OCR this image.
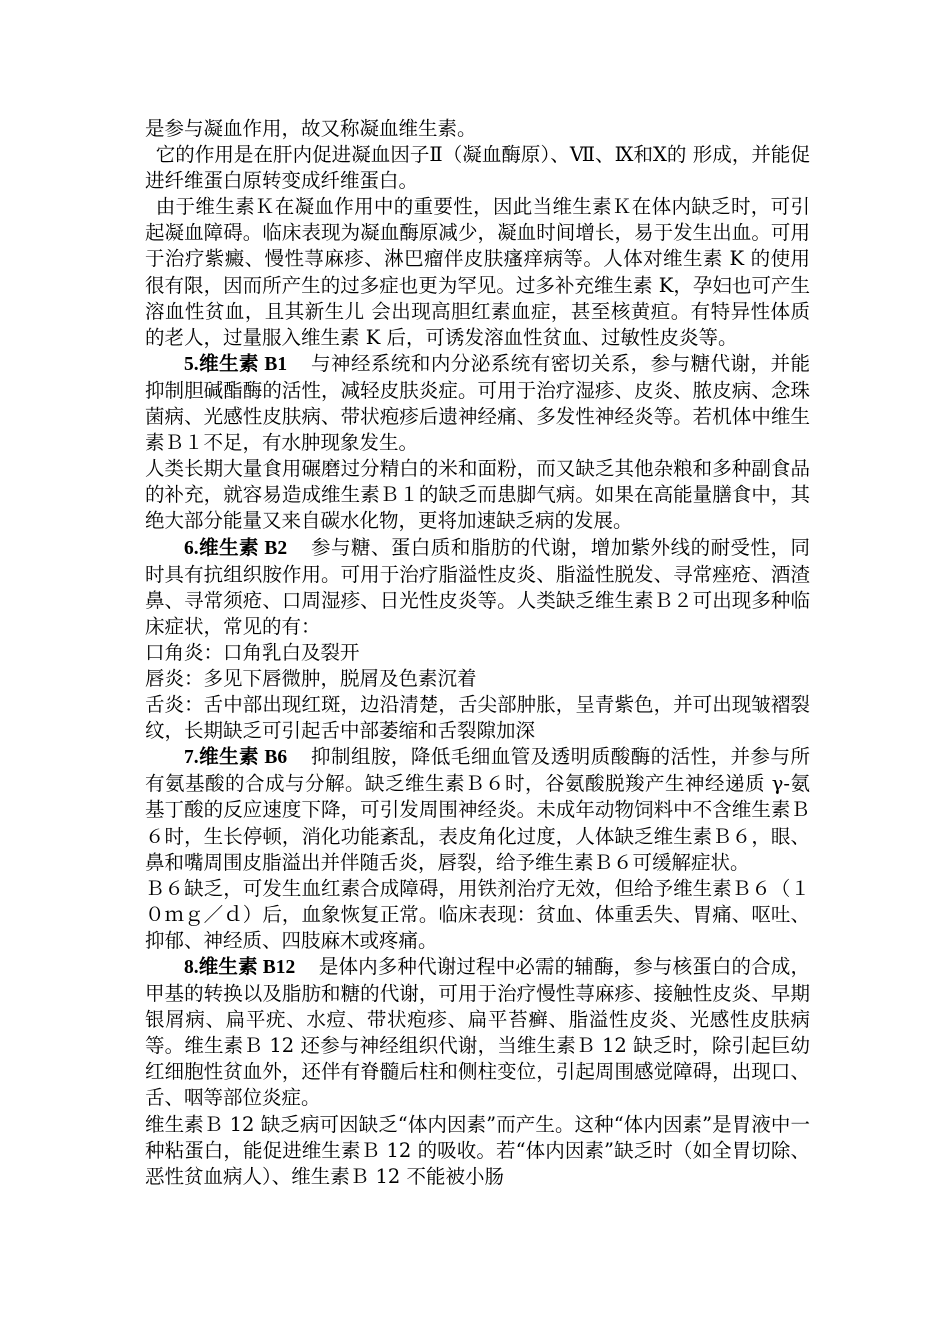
是参与凝血作用，故又称凝血维生素。

它的作用是在肝内促进凝血因子Ⅱ（凝血酶原）、Ⅶ、Ⅸ和Ⅹ的 形成，并能促进纤维蛋白原转变成纤维蛋白。

由于维生素Ｋ在凝血作用中的重要性，因此当维生素Ｋ在体内缺乏时，可引起凝血障碍。临床表现为凝血酶原减少，凝血时间增长，易于发生出血。可用于治疗紫癜、慢性荨麻疹、淋巴瘤伴皮肤瘙痒病等。人体对维生素 K 的使用很有限，因而所产生的过多症也更为罕见。过多补充维生素 K，孕妇也可产生溶血性贫血，且其新生儿 会出现高胆红素血症，甚至核黄疸。有特异性体质的老人，过量服入维生素 K 后，可诱发溶血性贫血、过敏性皮炎等。

5.维生素 B1 与神经系统和内分泌系统有密切关系，参与糖代谢，并能抑制胆碱酯酶的活性，减轻皮肤炎症。可用于治疗湿疹、皮炎、脓皮病、念珠菌病、光感性皮肤病、带状疱疹后遗神经痛、多发性神经炎等。若机体中维生素Ｂ１不足，有水肿现象发生。

人类长期大量食用碾磨过分精白的米和面粉，而又缺乏其他杂粮和多种副食品的补充，就容易造成维生素Ｂ１的缺乏而患脚气病。如果在高能量膳食中，其绝大部分能量又来自碳水化物，更将加速缺乏病的发展。

6.维生素 B2 参与糖、蛋白质和脂肪的代谢，增加紫外线的耐受性，同时具有抗组织胺作用。可用于治疗脂溢性皮炎、脂溢性脱发、寻常痤疮、酒渣鼻、寻常须疮、口周湿疹、日光性皮炎等。人类缺乏维生素Ｂ２可出现多种临床症状，常见的有：

口角炎：口角乳白及裂开

唇炎：多见下唇微肿，脱屑及色素沉着

舌炎：舌中部出现红斑，边沿清楚，舌尖部肿胀，呈青紫色，并可出现皱褶裂纹，长期缺乏可引起舌中部萎缩和舌裂隙加深

7.维生素 B6 抑制组胺，降低毛细血管及透明质酸酶的活性，并参与所有氨基酸的合成与分解。缺乏维生素Ｂ６时，谷氨酸脱羧产生神经递质 γ-氨基丁酸的反应速度下降，可引发周围神经炎。未成年动物饲料中不含维生素Ｂ６时，生长停顿，消化功能紊乱，表皮角化过度，人体缺乏维生素Ｂ６，眼、鼻和嘴周围皮脂溢出并伴随舌炎，唇裂，给予维生素Ｂ６可缓解症状。

Ｂ６缺乏，可发生血红素合成障碍，用铁剂治疗无效，但给予维生素Ｂ６（１０ｍｇ／ｄ）后，血象恢复正常。临床表现：贫血、体重丢失、胃痛、呕吐、抑郁、神经质、四肢麻木或疼痛。

8.维生素 B12 是体内多种代谢过程中必需的辅酶，参与核蛋白的合成，甲基的转换以及脂肪和糖的代谢，可用于治疗慢性荨麻疹、接触性皮炎、早期银屑病、扁平疣、水痘、带状疱疹、扁平苔癣、脂溢性皮炎、光感性皮肤病等。维生素Ｂ 12 还参与神经组织代谢，当维生素Ｂ 12 缺乏时，除引起巨幼红细胞性贫血外，还伴有脊髓后柱和侧柱变位，引起周围感觉障碍，出现口、舌、咽等部位炎症。

维生素Ｂ 12 缺乏病可因缺乏“体内因素”而产生。这种“体内因素”是胃液中一种粘蛋白，能促进维生素Ｂ 12 的吸收。若“体内因素”缺乏时（如全胃切除、恶性贫血病人）、维生素Ｂ 12 不能被小肠
